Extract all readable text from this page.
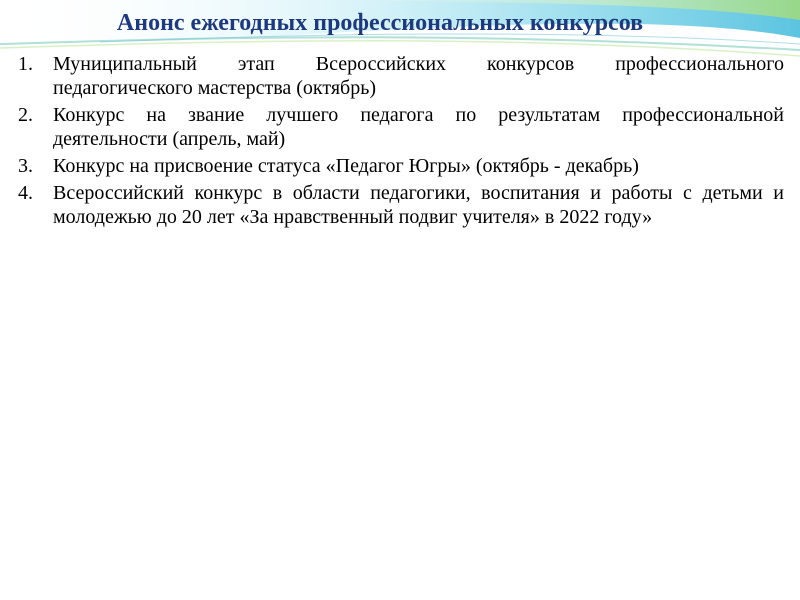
Анонс ежегодных профессиональных конкурсов
1.	Муниципальный этап Всероссийских конкурсов профессионального педагогического мастерства (октябрь)
2.	Конкурс на звание лучшего педагога по результатам профессиональной деятельности (апрель, май)
3.	Конкурс на присвоение статуса «Педагог Югры» (октябрь - декабрь)
4.	Всероссийский конкурс в области педагогики, воспитания и работы с детьми и молодежью до 20 лет «За нравственный подвиг учителя» в 2022 году»
